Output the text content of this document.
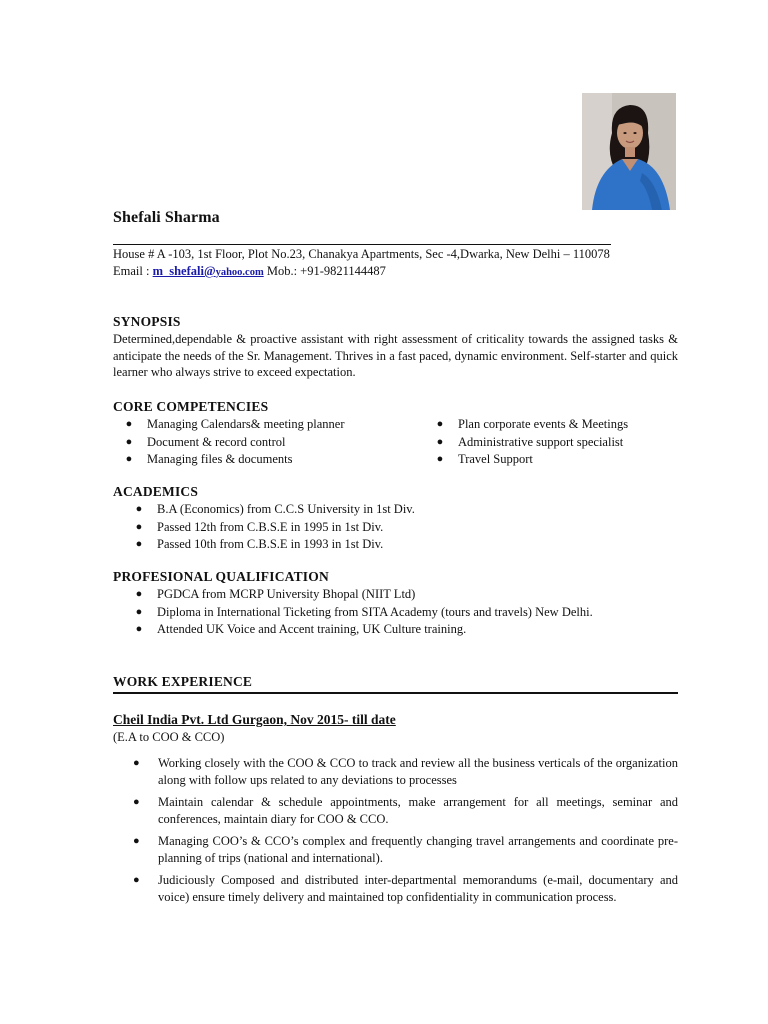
Shefali Sharma
House # A -103, 1st Floor, Plot No.23, Chanakya Apartments, Sec -4,Dwarka, New Delhi – 110078
Email : m_shefali@yahoo.com Mob.: +91-9821144487
SYNOPSIS
Determined,dependable & proactive assistant with right assessment of criticality towards the assigned tasks & anticipate the needs of the Sr. Management. Thrives in a fast paced, dynamic environment. Self-starter and quick learner who always strive to exceed expectation.
CORE COMPETENCIES
● Managing Calendars& meeting planner
● Document & record control
● Managing files & documents
● Plan corporate events & Meetings
● Administrative support specialist
● Travel Support
ACADEMICS
● B.A (Economics) from C.C.S University in 1st Div.
● Passed 12th from C.B.S.E in 1995 in 1st Div.
● Passed 10th from C.B.S.E in 1993 in 1st Div.
PROFESIONAL QUALIFICATION
● PGDCA from MCRP University Bhopal (NIIT Ltd)
● Diploma in International Ticketing from SITA Academy (tours and travels) New Delhi.
● Attended UK Voice and Accent training, UK Culture training.
WORK EXPERIENCE
Cheil India Pvt. Ltd Gurgaon, Nov 2015- till date
(E.A to COO & CCO)
● Working closely with the COO & CCO to track and review all the business verticals of the organization along with follow ups related to any deviations to processes
● Maintain calendar & schedule appointments, make arrangement for all meetings, seminar and conferences, maintain diary for COO & CCO.
● Managing COO’s & CCO’s complex and frequently changing travel arrangements and coordinate pre-planning of trips (national and international).
● Judiciously Composed and distributed inter-departmental memorandums (e-mail, documentary and voice) ensure timely delivery and maintained top confidentiality in communication process.
